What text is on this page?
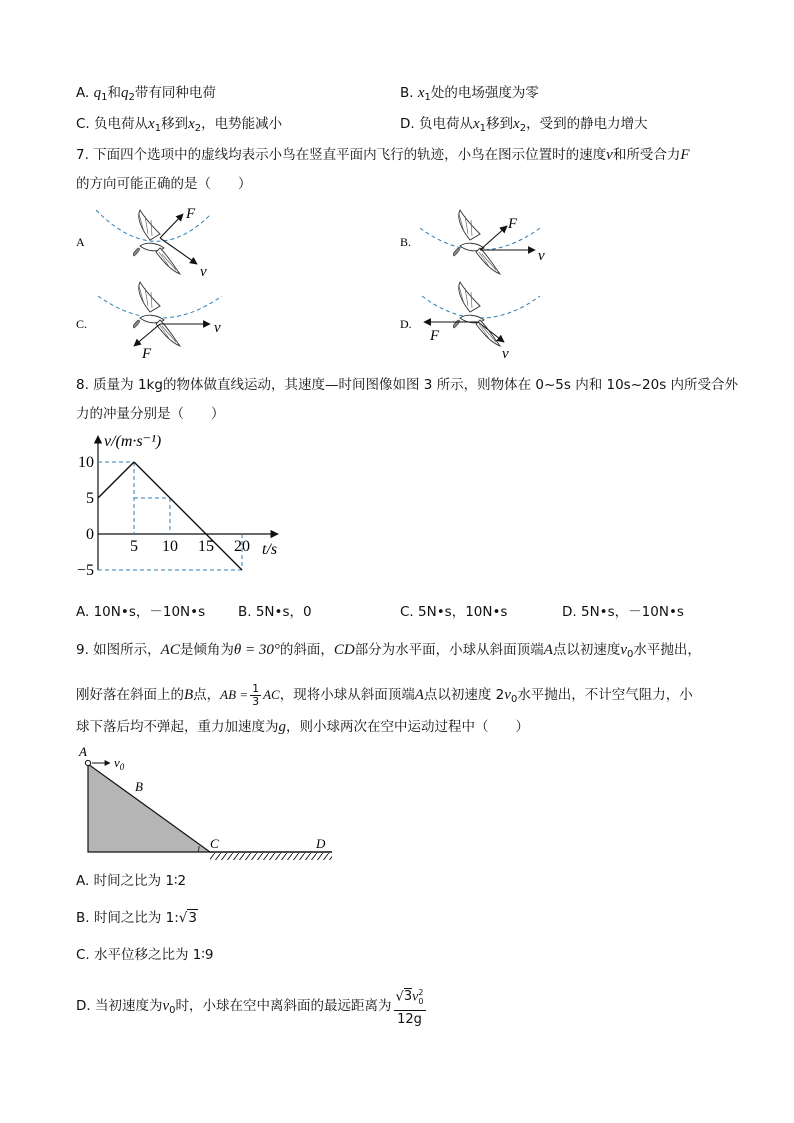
A. $q_1$和$q_2$带有同种电荷	B. $x_1$处的电场强度为零
C. 负电荷从$x_1$移到$x_2$，电势能减小	D. 负电荷从$x_1$移到$x_2$，受到的静电力增大
7. 下面四个选项中的虚线均表示小鸟在竖直平面内飞行的轨迹，小鸟在图示位置时的速度v和所受合力F
的方向可能正确的是（　　）
A
F
v
B.
F
v
C.	v
F
D.
F
v
8. 质量为 1kg的物体做直线运动，其速度—时间图像如图 3 所示，则物体在 0~5s 内和 10s~20s 内所受合外
力的冲量分别是（　　）
5 10 15 20
10
5
0
−5
v/(m·s⁻¹)
t/s
A. 10N•s，－10N•s B. 5N•s，0	C. 5N•s，10N•s	D. 5N•s，－10N•s
9. 如图所示，AC是倾角为θ = 30°的斜面，CD部分为水平面，小球从斜面顶端A点以初速度$v_0$水平抛出，
刚好落在斜面上的B点，AB = $\frac{1}{3}$ AC，现将小球从斜面顶端A点以初速度 $2v_0$水平抛出，不计空气阻力，小
球下落后均不弹起，重力加速度为g，则小球两次在空中运动过程中（　　）
A
$v_0$
B
C	D
A. 时间之比为 1∶2
B. 时间之比为 1:√3
C. 水平位移之比为 1∶9
D. 当初速度为$v_0$时，小球在空中离斜面的最远距离为 $\frac{√3v^2_0}{12g}$
